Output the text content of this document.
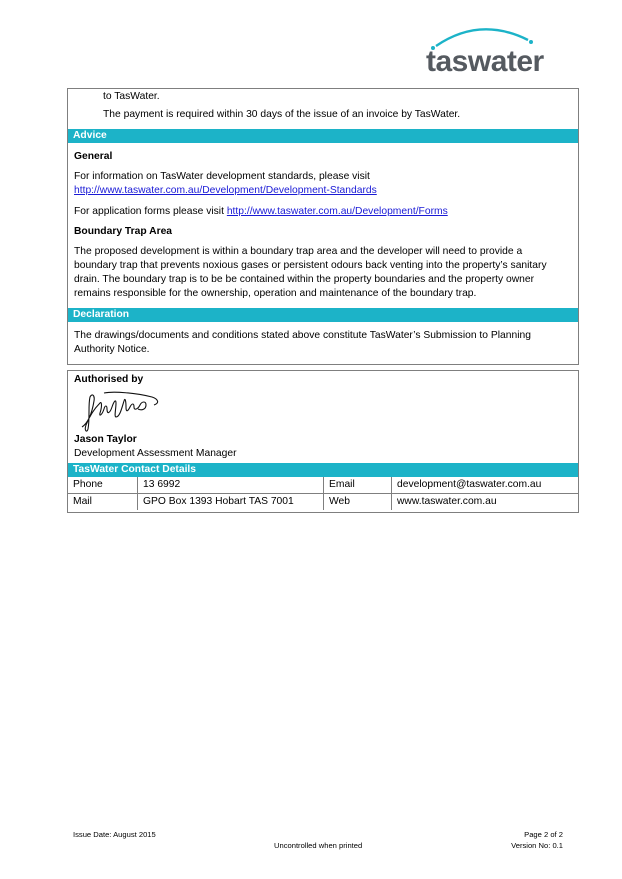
taswater
to TasWater.
The payment is required within 30 days of the issue of an invoice by TasWater.
Advice
General
For information on TasWater development standards, please visit
http://www.taswater.com.au/Development/Development-Standards
For application forms please visit http://www.taswater.com.au/Development/Forms
Boundary Trap Area
The proposed development is within a boundary trap area and the developer will need to provide a
boundary trap that prevents noxious gases or persistent odours back venting into the property’s sanitary
drain. The boundary trap is to be be contained within the property boundaries and the property owner
remains responsible for the ownership, operation and maintenance of the boundary trap.
Declaration
The drawings/documents and conditions stated above constitute TasWater’s Submission to Planning
Authority Notice.
Authorised by
Jason Taylor
Development Assessment Manager
TasWater Contact Details
Phone	13 6992	Email	development@taswater.com.au
Mail	GPO Box 1393 Hobart TAS 7001	Web	www.taswater.com.au
Issue Date: August 2015
Uncontrolled when printed
Page 2 of 2
Version No: 0.1
